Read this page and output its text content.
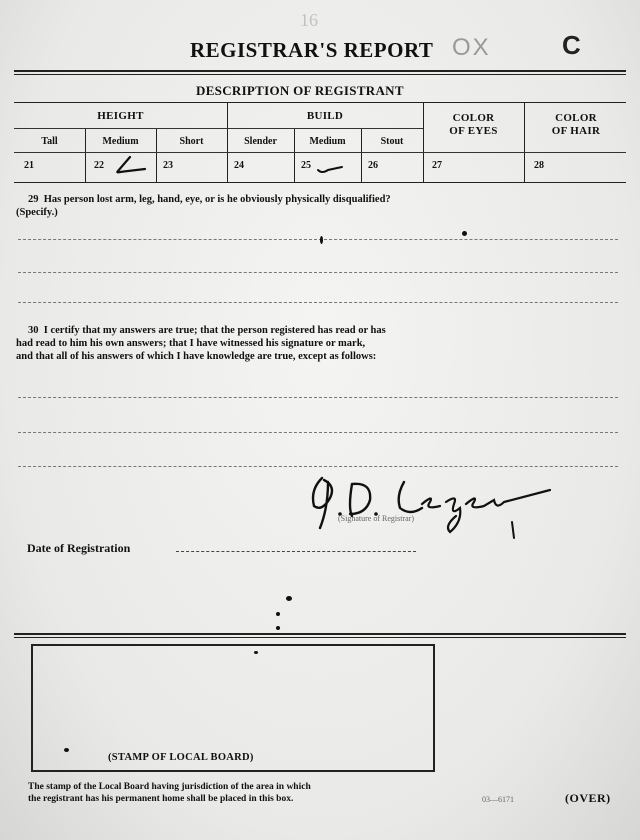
16
REGISTRAR'S REPORT OX	C
DESCRIPTION OF REGISTRANT
HEIGHT	BUILD	COLOR
OF EYES
COLOR
OF HAIR
Tall	Medium	Short	Slender	Medium	Stout
21	22	23	24	25	26	27	28
29 Has person lost arm, leg, hand, eye, or is he obviously physically disqualified?
(Specify.)
30 I certify that my answers are true; that the person registered has read or has
had read to him his own answers; that I have witnessed his signature or mark,
and that all of his answers of which I have knowledge are true, except as follows:
(Signature of Registrar)
Date of Registration
(STAMP OF LOCAL BOARD)
The stamp of the Local Board having jurisdiction of the area in which
the registrant has his permanent home shall be placed in this box.	03—6171	(OVER)
